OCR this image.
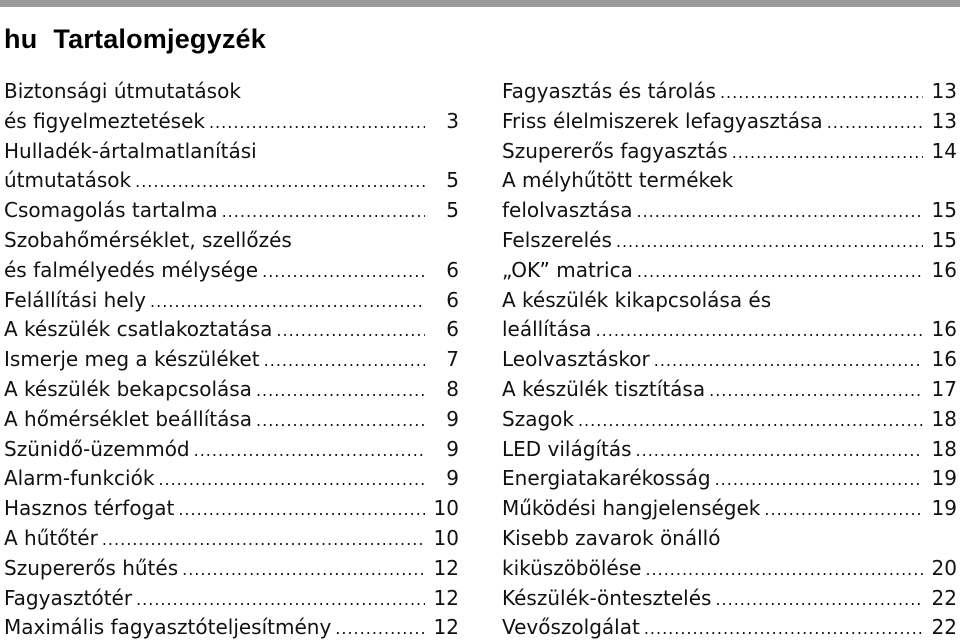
hu Tartalomjegyzék
Biztonsági útmutatások
és figyelmeztetések .....	3
Hulladék-ártalmatlanítási
útmutatások .....	5
Csomagolás tartalma .....	5
Szobahőmérséklet, szellőzés
és falmélyedés mélysége .....	6
Felállítási hely .....	6
A készülék csatlakoztatása .....	6
Ismerje meg a készüléket .....	7
A készülék bekapcsolása .....	8
A hőmérséklet beállítása .....	9
Szünidő-üzemmód .....	9
Alarm-funkciók .....	9
Hasznos térfogat .....	10
A hűtőtér .....	10
Szupererős hűtés .....	12
Fagyasztótér .....	12
Maximális fagyasztóteljesítmény .....	12
Fagyasztás és tárolás .....	13
Friss élelmiszerek lefagyasztása .....	13
Szupererős fagyasztás .....	14
A mélyhűtött termékek
felolvasztása .....	15
Felszerelés .....	15
„OK” matrica .....	16
A készülék kikapcsolása és
leállítása .....	16
Leolvasztáskor .....	16
A készülék tisztítása .....	17
Szagok .....	18
LED világítás .....	18
Energiatakarékosság .....	19
Működési hangjelenségek .....	19
Kisebb zavarok önálló
kiküszöbölése .....	20
Készülék-öntesztelés .....	22
Vevőszolgálat .....	22
